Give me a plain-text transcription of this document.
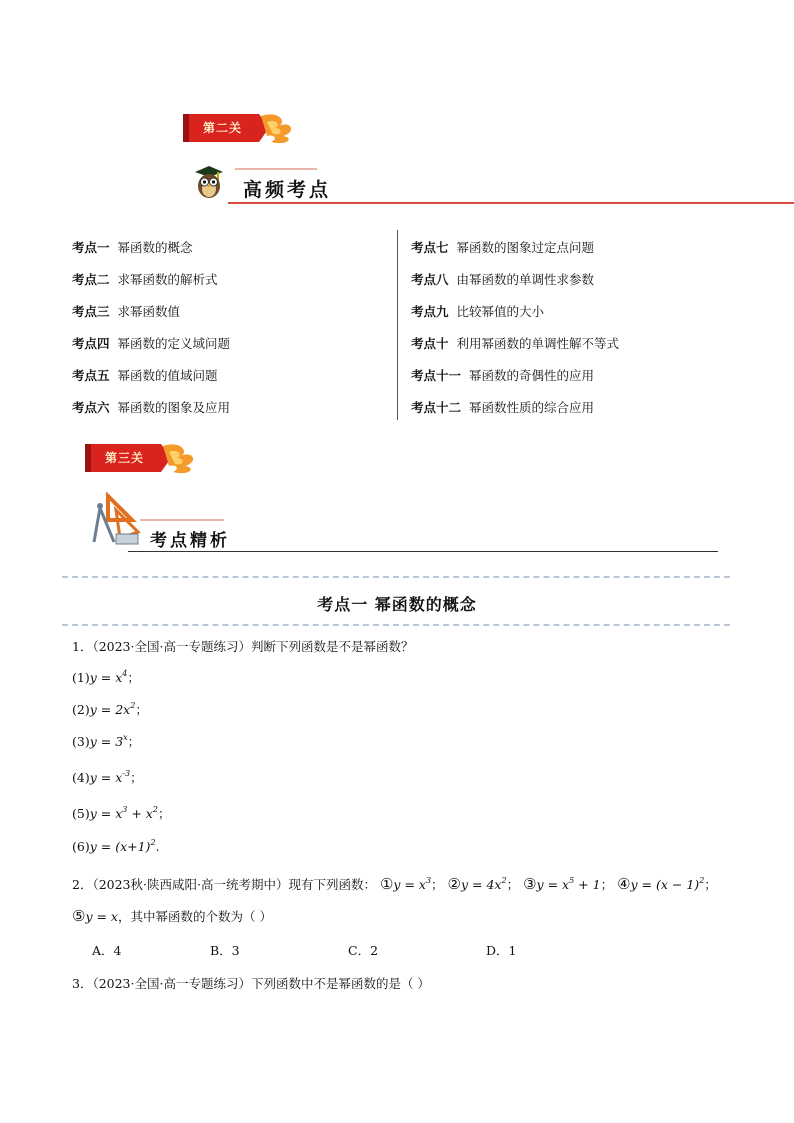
第二关
高频考点
考点一 幂函数的概念
考点二 求幂函数的解析式
考点三 求幂函数值
考点四 幂函数的定义域问题
考点五 幂函数的值域问题
考点六 幂函数的图象及应用
考点七 幂函数的图象过定点问题
考点八 由幂函数的单调性求参数
考点九 比较幂值的大小
考点十 利用幂函数的单调性解不等式
考点十一 幂函数的奇偶性的应用
考点十二 幂函数性质的综合应用
第三关
考点精析
考点一 幂函数的概念
1．（2023·全国·高一专题练习）判断下列函数是不是幂函数？
$(1)y = x^4$；
$(2)y = 2x^2$；
$(3)y = 3^x$；
$(4)y = x^{-3}$；
$(5)y = x^3 + x^2$；
$(6)y = (x+1)^2$.
2．（2023秋·陕西咸阳·高一统考期中）现有下列函数： ①y = $x^3$； ②y = $4x^2$； ③y = $x^5 + 1$； ④y = $(x - 1)^2$；
⑤y = x，其中幂函数的个数为（ ）
A．4	B．3	C．2	D．1
3．（2023·全国·高一专题练习）下列函数中不是幂函数的是（ ）
